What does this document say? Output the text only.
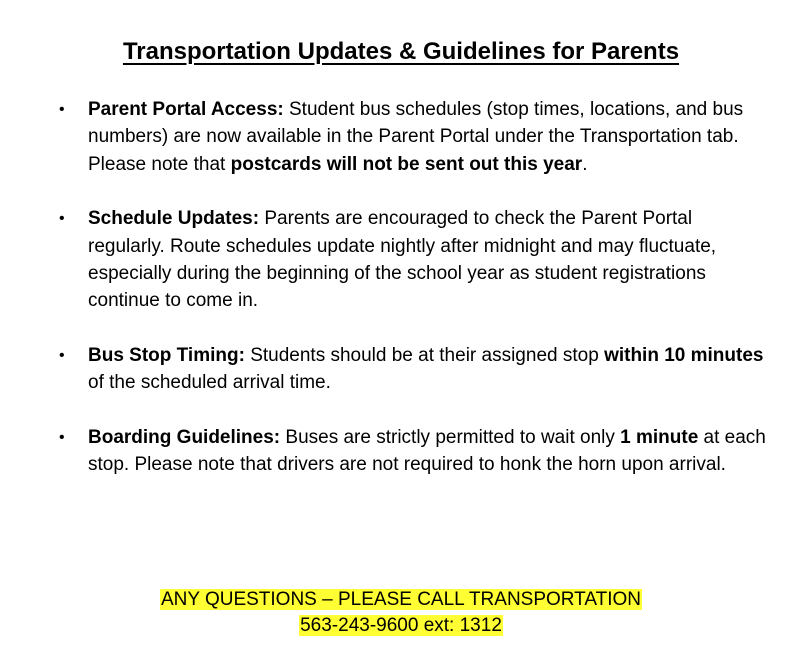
Transportation Updates & Guidelines for Parents
• Parent Portal Access: Student bus schedules (stop times, locations, and bus numbers) are now available in the Parent Portal under the Transportation tab. Please note that postcards will not be sent out this year.
• Schedule Updates: Parents are encouraged to check the Parent Portal regularly. Route schedules update nightly after midnight and may fluctuate, especially during the beginning of the school year as student registrations continue to come in.
• Bus Stop Timing: Students should be at their assigned stop within 10 minutes of the scheduled arrival time.
• Boarding Guidelines: Buses are strictly permitted to wait only 1 minute at each stop. Please note that drivers are not required to honk the horn upon arrival.
ANY QUESTIONS – PLEASE CALL TRANSPORTATION
563-243-9600 ext: 1312
